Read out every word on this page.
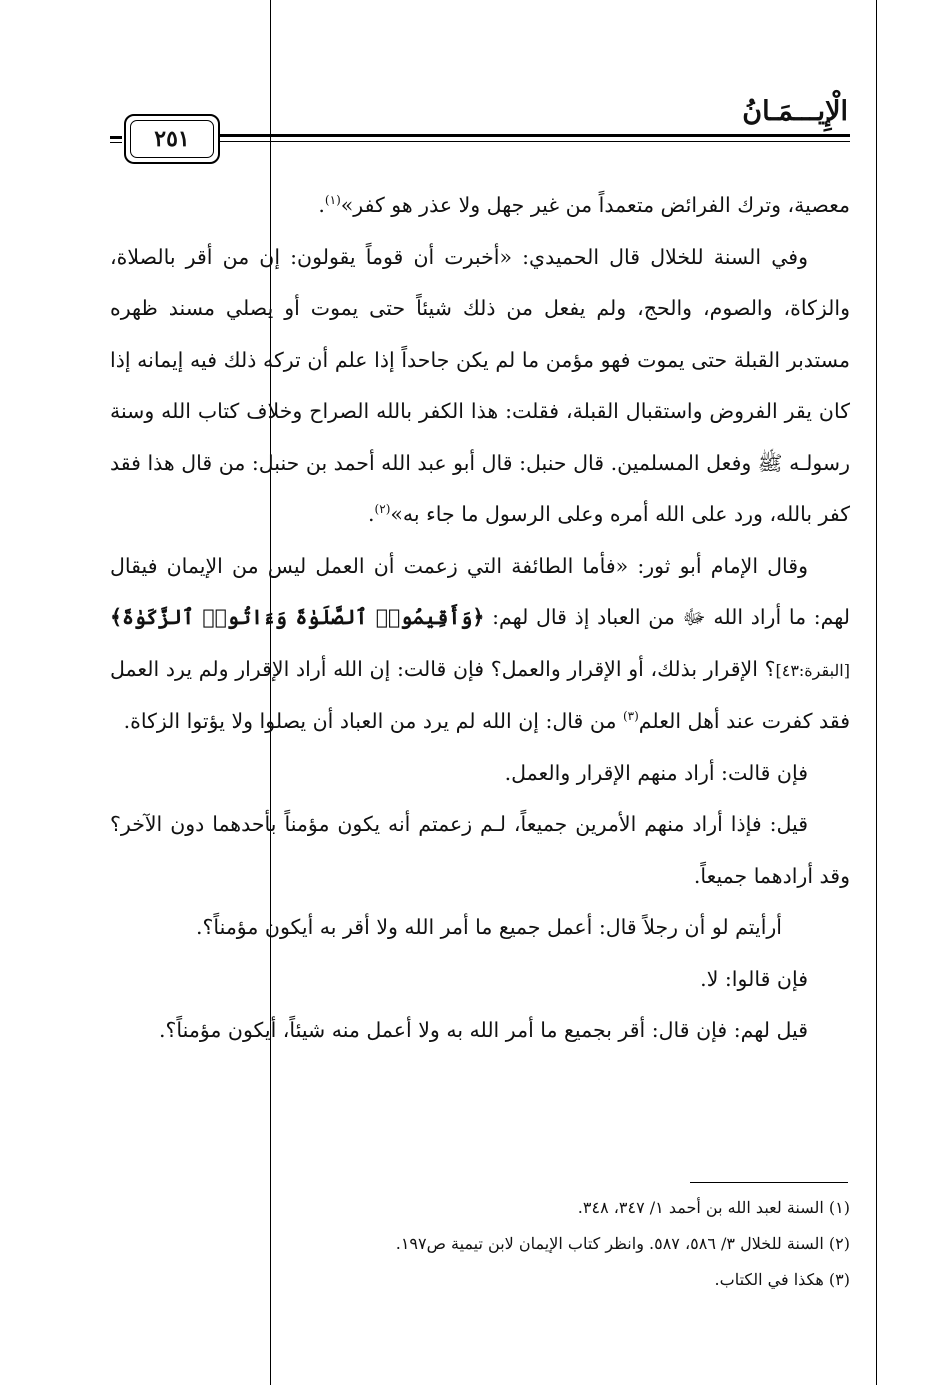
الْإِيـــمَـانُ
٢٥١

معصية، وترك الفرائض متعمداً من غير جهل ولا عذر هو كفر»$^{(١)}$.

وفي السنة للخلال قال الحميدي: «أخبرت أن قوماً يقولون: إن من أقر بالصلاة، والزكاة، والصوم، والحج، ولم يفعل من ذلك شيئاً حتى يموت أو يصلي مسند ظهره مستدبر القبلة حتى يموت فهو مؤمن ما لم يكن جاحداً إذا علم أن تركه ذلك فيه إيمانه إذا كان يقر الفروض واستقبال القبلة، فقلت: هذا الكفر بالله الصراح وخلاف كتاب الله وسنة رسولـه ﷺ وفعل المسلمين. قال حنبل: قال أبو عبد الله أحمد بن حنبل: من قال هذا فقد كفر بالله، ورد على الله أمره وعلى الرسول ما جاء به»$^{(٢)}$.

وقال الإمام أبو ثور: «فأما الطائفة التي زعمت أن العمل ليس من الإيمان فيقال لهم: ما أراد الله ﷻ من العباد إذ قال لهم: ﴿وَأَقِيمُوا۟ ٱلصَّلَوٰةَ وَءَاتُوا۟ ٱلزَّكَوٰةَ﴾ [البقرة:٤٣]؟ الإقرار بذلك، أو الإقرار والعمل؟ فإن قالت: إن الله أراد الإقرار ولم يرد العمل فقد كفرت عند أهل العلم$^{(٣)}$ من قال: إن الله لم يرد من العباد أن يصلوا ولا يؤتوا الزكاة.

فإن قالت: أراد منهم الإقرار والعمل.

قيل: فإذا أراد منهم الأمرين جميعاً، لـم زعمتم أنه يكون مؤمناً بأحدهما دون الآخر؟ وقد أرادهما جميعاً.

أرأيتم لو أن رجلاً قال: أعمل جميع ما أمر الله ولا أقر به أيكون مؤمناً؟.

فإن قالوا: لا.

قيل لهم: فإن قال: أقر بجميع ما أمر الله به ولا أعمل منه شيئاً، أيكون مؤمناً؟.

(١) السنة لعبد الله بن أحمد ١/ ٣٤٧، ٣٤٨.
(٢) السنة للخلال ٣/ ٥٨٦، ٥٨٧. وانظر كتاب الإيمان لابن تيمية ص١٩٧.
(٣) هكذا في الكتاب.
